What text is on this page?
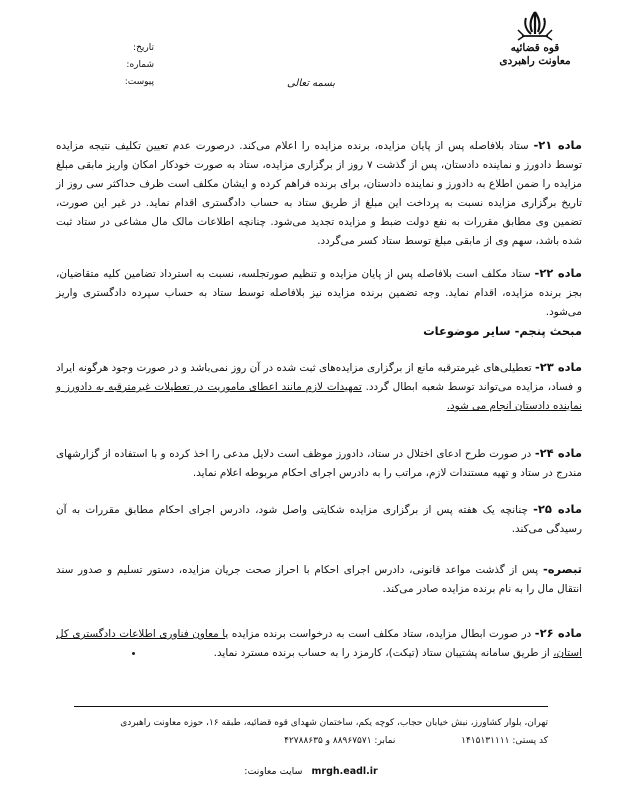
قوه قضائیه
معاونت راهبردی
بسمه تعالی
تاریخ:
شماره:
پیوست:
ماده ۲۱- ستاد بلافاصله پس از پایان مزایده، برنده مزایده را اعلام می‌کند. درصورت عدم تعیین تکلیف نتیجه مزایده توسط دادورز و نماینده دادستان، پس از گذشت ۷ روز از برگزاری مزایده، ستاد به صورت خودکار امکان واریز مابقی مبلغ مزایده را ضمن اطلاع به دادورز و نماینده دادستان، برای برنده فراهم کرده و ایشان مکلف است ظرف حداکثر سی روز از تاریخ برگزاری مزایده نسبت به پرداخت این مبلغ از طریق ستاد به حساب دادگستری اقدام نماید. در غیر این صورت، تضمین وی مطابق مقررات به نفع دولت ضبط و مزایده تجدید می‌شود. چنانچه اطلاعات مالک مال مشاعی در ستاد ثبت شده باشد، سهم وی از مابقی مبلغ توسط ستاد کسر می‌گردد.
ماده ۲۲- ستاد مکلف است بلافاصله پس از پایان مزایده و تنظیم صورتجلسه، نسبت به استرداد تضامین کلیه متقاضیان، بجز برنده مزایده، اقدام نماید. وجه تضمین برنده مزایده نیز بلافاصله توسط ستاد به حساب سپرده دادگستری واریز می‌شود.
مبحث پنجم- سایر موضوعات
ماده ۲۳- تعطیلی‌های غیرمترقبه مانع از برگزاری مزایده‌های ثبت شده در آن روز نمی‌باشد و در صورت وجود هرگونه ایراد و فساد، مزایده می‌تواند توسط شعبه ابطال گردد. تمهیدات لازم مانند اعطای ماموریت در تعطیلات غیرمترقبه به دادورز و نماینده دادستان انجام می شود.
ماده ۲۴- در صورت طرح ادعای اختلال در ستاد، دادورز موظف است دلایل مدعی را اخذ کرده و با استفاده از گزارشهای مندرج در ستاد و تهیه مستندات لازم، مراتب را به دادرس اجرای احکام مربوطه اعلام نماید.
ماده ۲۵- چنانچه یک هفته پس از برگزاری مزایده شکایتی واصل شود، دادرس اجرای احکام مطابق مقررات به آن رسیدگی می‌کند.
تبصره- پس از گذشت مواعد قانونی، دادرس اجرای احکام با احراز صحت جریان مزایده، دستور تسلیم و صدور سند انتقال مال را به نام برنده مزایده صادر می‌کند.
ماده ۲۶- در صورت ابطال مزایده، ستاد مکلف است به درخواست برنده مزایده یا معاون فناوری اطلاعات دادگستری کل استان، از طریق سامانه پشتیبان ستاد (تیکت)، کارمزد را به حساب برنده مسترد نماید.
تهران، بلوار کشاورز، نبش خیابان حجاب، کوچه یکم، ساختمان شهدای قوه قضائیه، طبقه ۱۶، حوزه معاونت راهبردی
کد پستی: ۱۴۱۵۱۳۱۱۱۱  نمابر: ۸۸۹۶۷۵۷۱ و ۴۲۷۸۸۶۳۵
mrgh.eadl.ir   سایت معاونت:
